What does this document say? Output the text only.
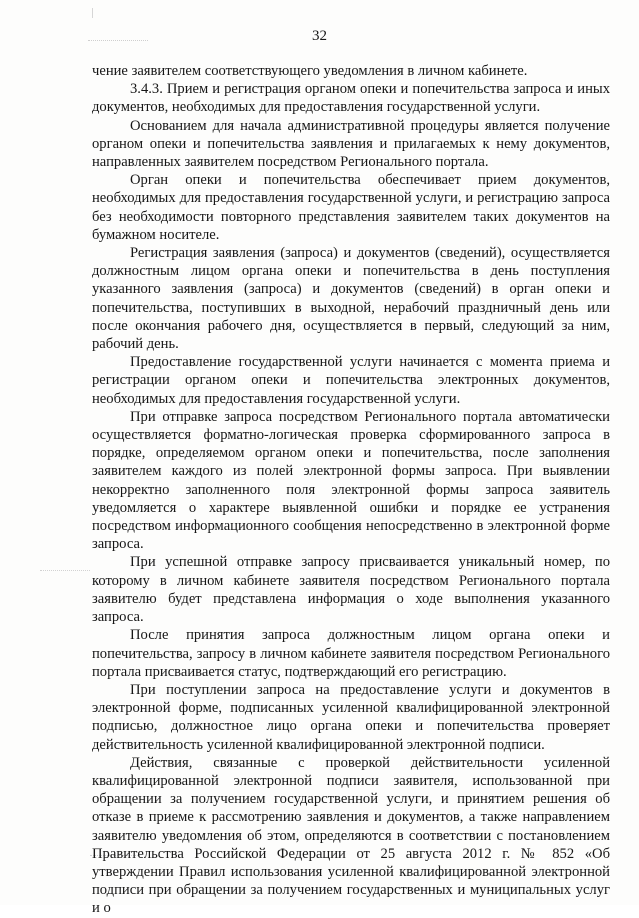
32

чение заявителем соответствующего уведомления в личном кабинете.

3.4.3. Прием и регистрация органом опеки и попечительства запроса и иных документов, необходимых для предоставления государственной услуги.

Основанием для начала административной процедуры является получение органом опеки и попечительства заявления и прилагаемых к нему документов, направленных заявителем посредством Регионального портала.

Орган опеки и попечительства обеспечивает прием документов, необходимых для предоставления государственной услуги, и регистрацию запроса без необходимости повторного представления заявителем таких документов на бумажном носителе.

Регистрация заявления (запроса) и документов (сведений), осуществляется должностным лицом органа опеки и попечительства в день поступления указанного заявления (запроса) и документов (сведений) в орган опеки и попечительства, поступивших в выходной, нерабочий праздничный день или после окончания рабочего дня, осуществляется в первый, следующий за ним, рабочий день.

Предоставление государственной услуги начинается с момента приема и регистрации органом опеки и попечительства электронных документов, необходимых для предоставления государственной услуги.

При отправке запроса посредством Регионального портала автоматически осуществляется форматно-логическая проверка сформированного запроса в порядке, определяемом органом опеки и попечительства, после заполнения заявителем каждого из полей электронной формы запроса. При выявлении некорректно заполненного поля электронной формы запроса заявитель уведомляется о характере выявленной ошибки и порядке ее устранения посредством информационного сообщения непосредственно в электронной форме запроса.

При успешной отправке запросу присваивается уникальный номер, по которому в личном кабинете заявителя посредством Регионального портала заявителю будет представлена информация о ходе выполнения указанного запроса.

После принятия запроса должностным лицом органа опеки и попечительства, запросу в личном кабинете заявителя посредством Регионального портала присваивается статус, подтверждающий его регистрацию.

При поступлении запроса на предоставление услуги и документов в электронной форме, подписанных усиленной квалифицированной электронной подписью, должностное лицо органа опеки и попечительства проверяет действительность усиленной квалифицированной электронной подписи.

Действия, связанные с проверкой действительности усиленной квалифицированной электронной подписи заявителя, использованной при обращении за получением государственной услуги, и принятием решения об отказе в приеме к рассмотрению заявления и документов, а также направлением заявителю уведомления об этом, определяются в соответствии с постановлением Правительства Российской Федерации от 25 августа 2012 г. № 852 «Об утверждении Правил использования усиленной квалифицированной электронной подписи при обращении за получением государственных и муниципальных услуг и о
